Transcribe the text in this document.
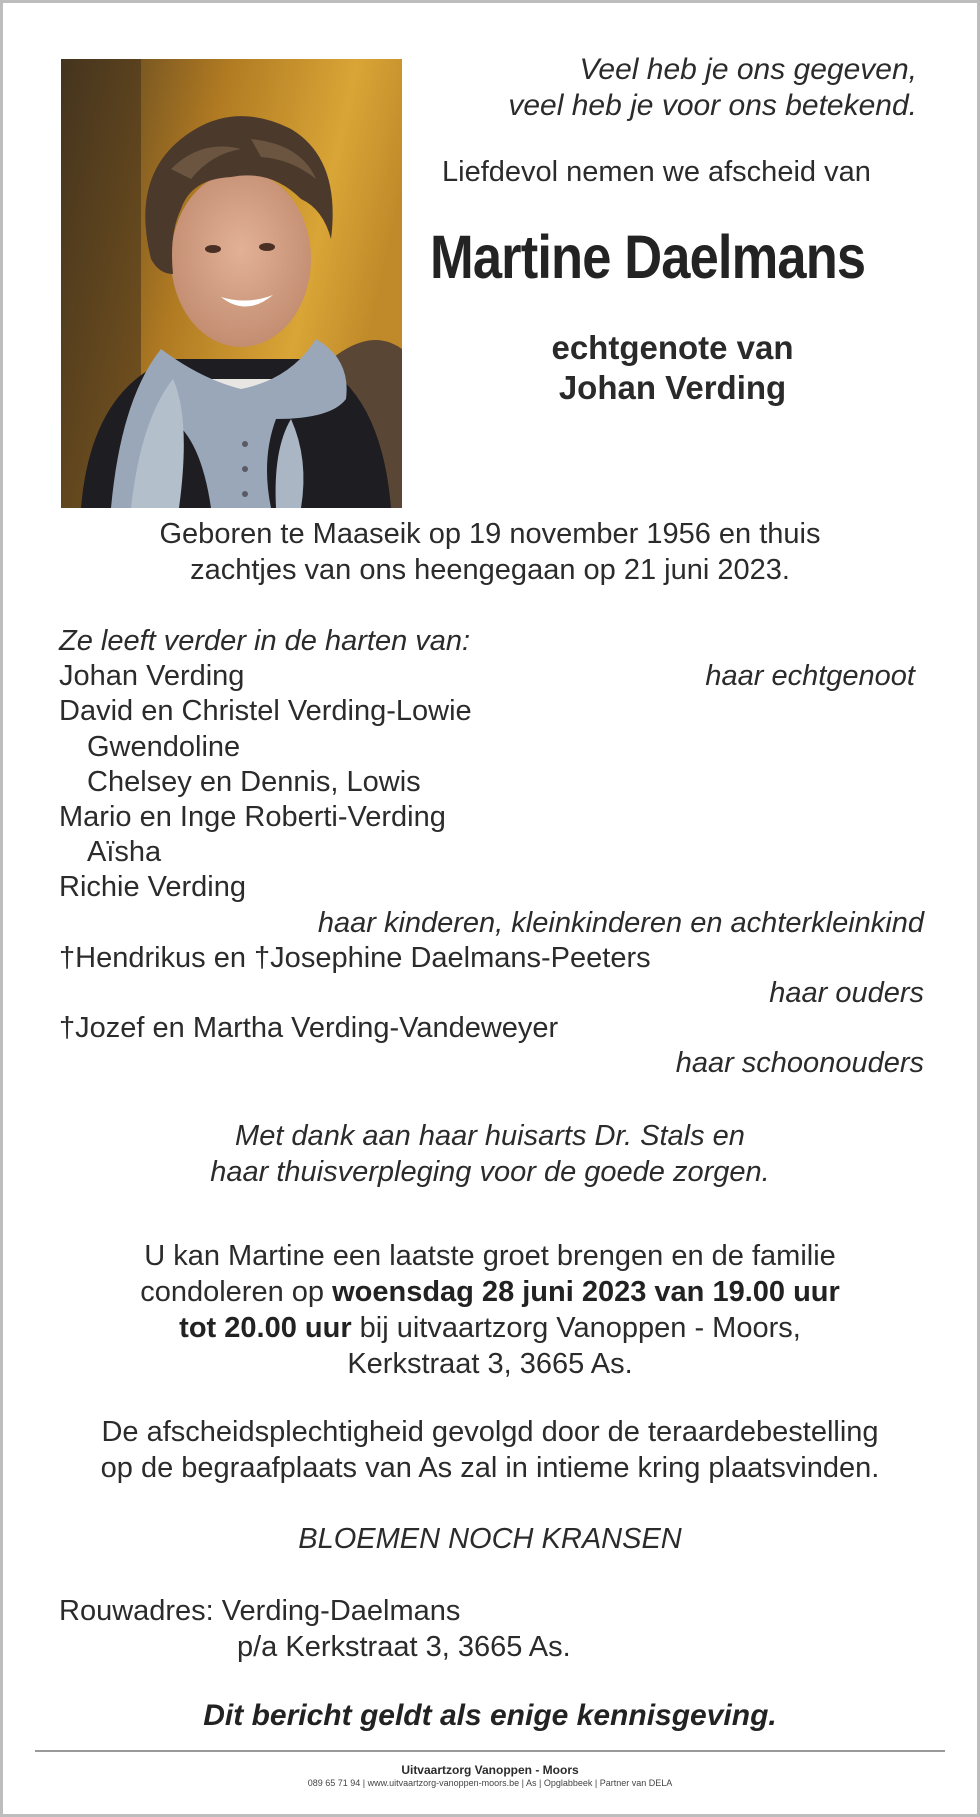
Veel heb je ons gegeven,
veel heb je voor ons betekend.
Liefdevol nemen we afscheid van
Martine Daelmans
echtgenote van
Johan Verding
Geboren te Maaseik op 19 november 1956 en thuis
zachtjes van ons heengegaan op 21 juni 2023.
Ze leeft verder in de harten van:
Johan Verding	haar echtgenoot
David en Christel Verding-Lowie
Gwendoline
Chelsey en Dennis, Lowis
Mario en Inge Roberti-Verding
Aïsha
Richie Verding
haar kinderen, kleinkinderen en achterkleinkind
†Hendrikus en †Josephine Daelmans-Peeters
haar ouders
†Jozef en Martha Verding-Vandeweyer
haar schoonouders
Met dank aan haar huisarts Dr. Stals en
haar thuisverpleging voor de goede zorgen.
U kan Martine een laatste groet brengen en de familie
condoleren op woensdag 28 juni 2023 van 19.00 uur
tot 20.00 uur bij uitvaartzorg Vanoppen - Moors,
Kerkstraat 3, 3665 As.
De afscheidsplechtigheid gevolgd door de teraardebestelling
op de begraafplaats van As zal in intieme kring plaatsvinden.
BLOEMEN NOCH KRANSEN
Rouwadres: Verding-Daelmans
p/a Kerkstraat 3, 3665 As.
Dit bericht geldt als enige kennisgeving.
Uitvaartzorg Vanoppen - Moors
089 65 71 94 | www.uitvaartzorg-vanoppen-moors.be | As | Opglabbeek | Partner van DELA
